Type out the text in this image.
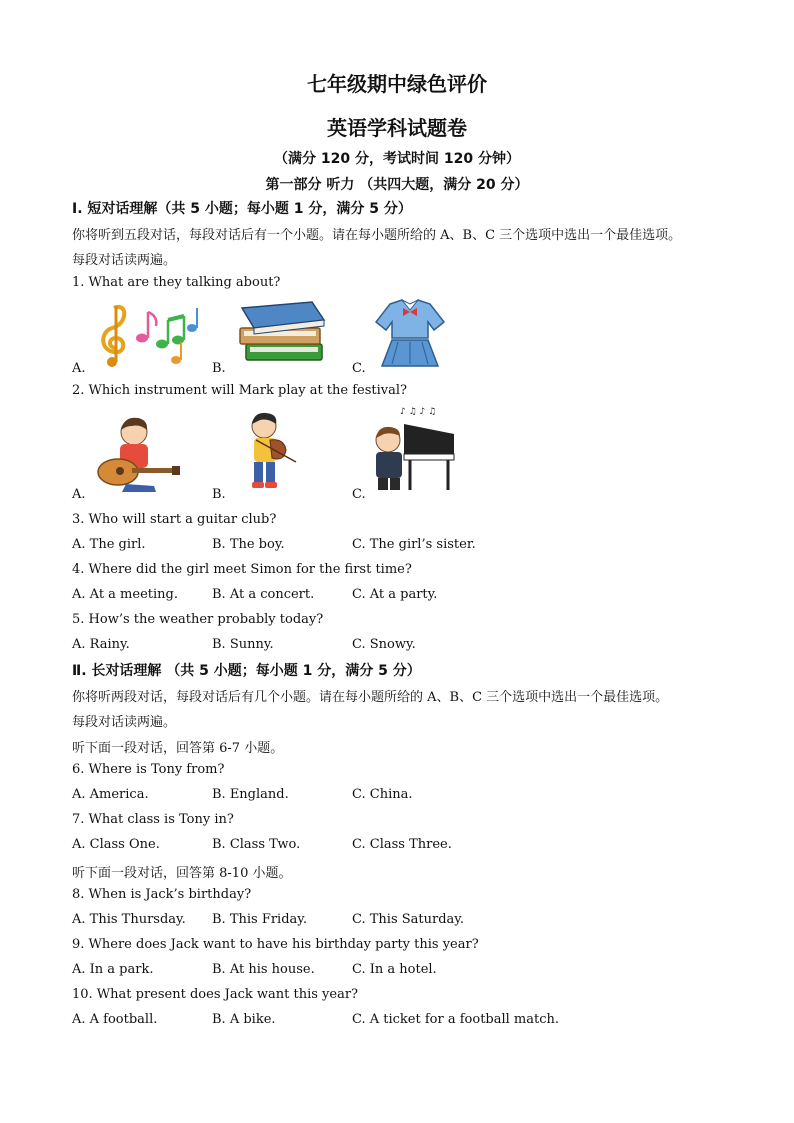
七年级期中绿色评价
英语学科试题卷
（满分 120 分，考试时间 120 分钟）
第一部分 听力 （共四大题，满分 20 分）
Ⅰ. 短对话理解（共 5 小题；每小题 1 分，满分 5 分）
你将听到五段对话，每段对话后有一个小题。请在每小题所给的 A、B、C 三个选项中选出一个最佳选项。
每段对话读两遍。
1. What are they talking about?
A.	B.	C.
2. Which instrument will Mark play at the festival?
♪ ♫ ♪ ♫
A.	B.	C.
3. Who will start a guitar club?
A. The girl.	B. The boy.	C. The girl’s sister.
4. Where did the girl meet Simon for the first time?
A. At a meeting.	B. At a concert.	C. At a party.
5. How’s the weather probably today?
A. Rainy.	B. Sunny.	C. Snowy.
Ⅱ. 长对话理解 （共 5 小题；每小题 1 分，满分 5 分）
你将听两段对话，每段对话后有几个小题。请在每小题所给的 A、B、C 三个选项中选出一个最佳选项。
每段对话读两遍。
听下面一段对话，回答第 6-7 小题。
6. Where is Tony from?
A. America.	B. England.	C. China.
7. What class is Tony in?
A. Class One.	B. Class Two.	C. Class Three.
听下面一段对话，回答第 8-10 小题。
8. When is Jack’s birthday?
A. This Thursday. B. This Friday.	C. This Saturday.
9. Where does Jack want to have his birthday party this year?
A. In a park.	B. At his house.	C. In a hotel.
10. What present does Jack want this year?
A. A football.	B. A bike.	C. A ticket for a football match.
